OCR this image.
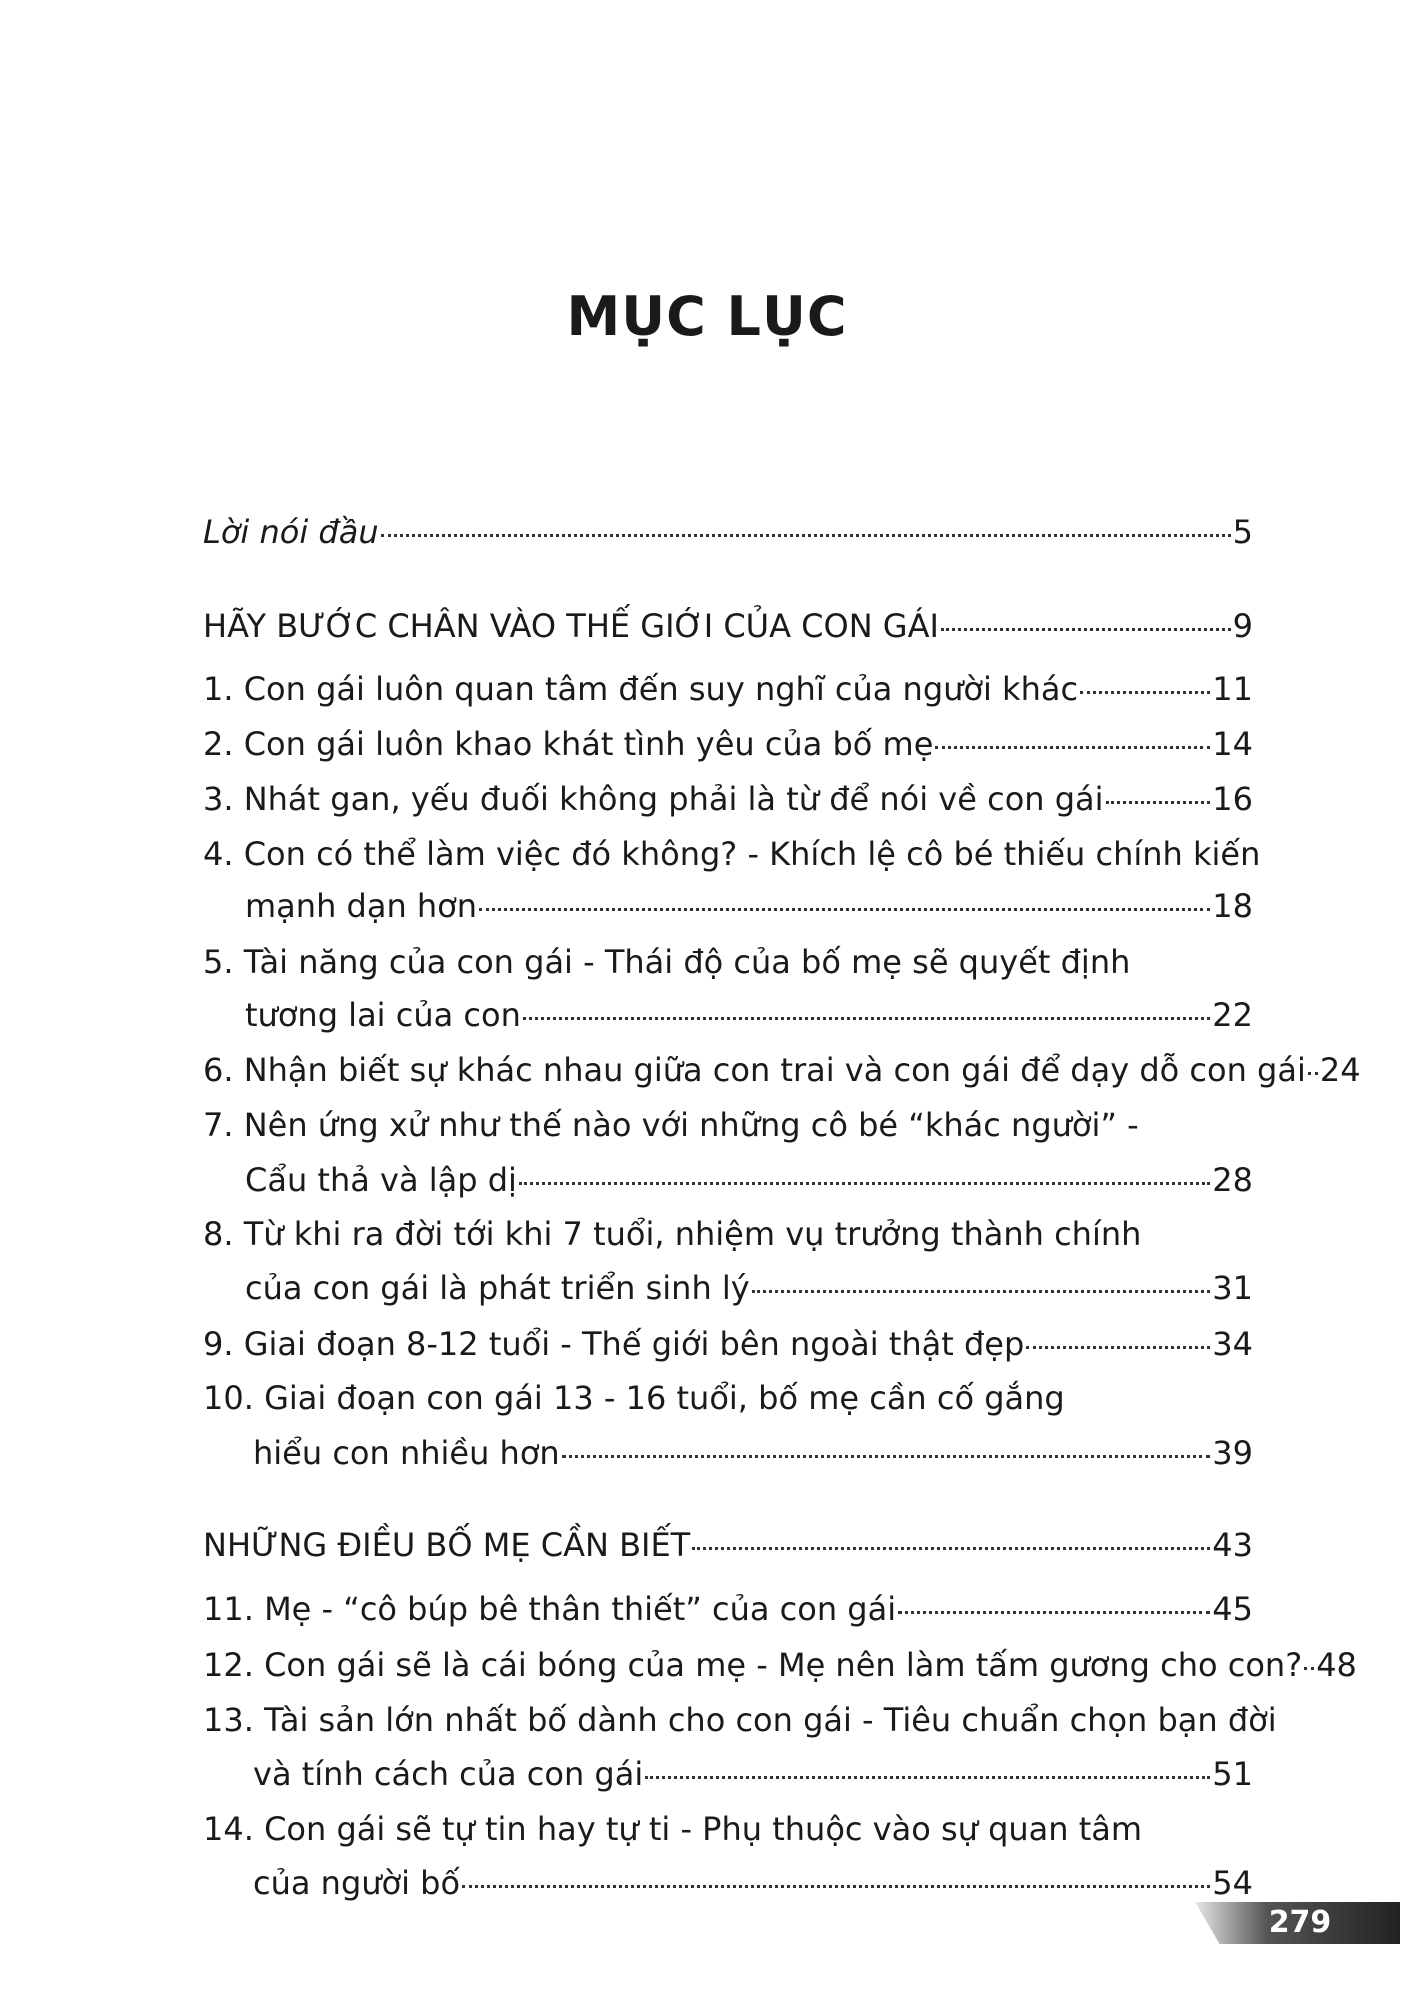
MỤC LỤC
Lời nói đầu	5
HÃY BƯỚC CHÂN VÀO THẾ GIỚI CỦA CON GÁI	9
1. Con gái luôn quan tâm đến suy nghĩ của người khác	11
2. Con gái luôn khao khát tình yêu của bố mẹ	14
3. Nhát gan, yếu đuối không phải là từ để nói về con gái	16
4. Con có thể làm việc đó không? - Khích lệ cô bé thiếu chính kiến
mạnh dạn hơn	18
5. Tài năng của con gái - Thái độ của bố mẹ sẽ quyết định
tương lai của con	22
6. Nhận biết sự khác nhau giữa con trai và con gái để dạy dỗ con gái 24
7. Nên ứng xử như thế nào với những cô bé “khác người” -
Cẩu thả và lập dị	28
8. Từ khi ra đời tới khi 7 tuổi, nhiệm vụ trưởng thành chính
của con gái là phát triển sinh lý	31
9. Giai đoạn 8-12 tuổi - Thế giới bên ngoài thật đẹp	34
10. Giai đoạn con gái 13 - 16 tuổi, bố mẹ cần cố gắng
hiểu con nhiều hơn	39
NHỮNG ĐIỀU BỐ MẸ CẦN BIẾT	43
11. Mẹ - “cô búp bê thân thiết” của con gái	45
12. Con gái sẽ là cái bóng của mẹ - Mẹ nên làm tấm gương cho con? 48
13. Tài sản lớn nhất bố dành cho con gái - Tiêu chuẩn chọn bạn đời
và tính cách của con gái	51
14. Con gái sẽ tự tin hay tự ti - Phụ thuộc vào sự quan tâm
của người bố	54
279
